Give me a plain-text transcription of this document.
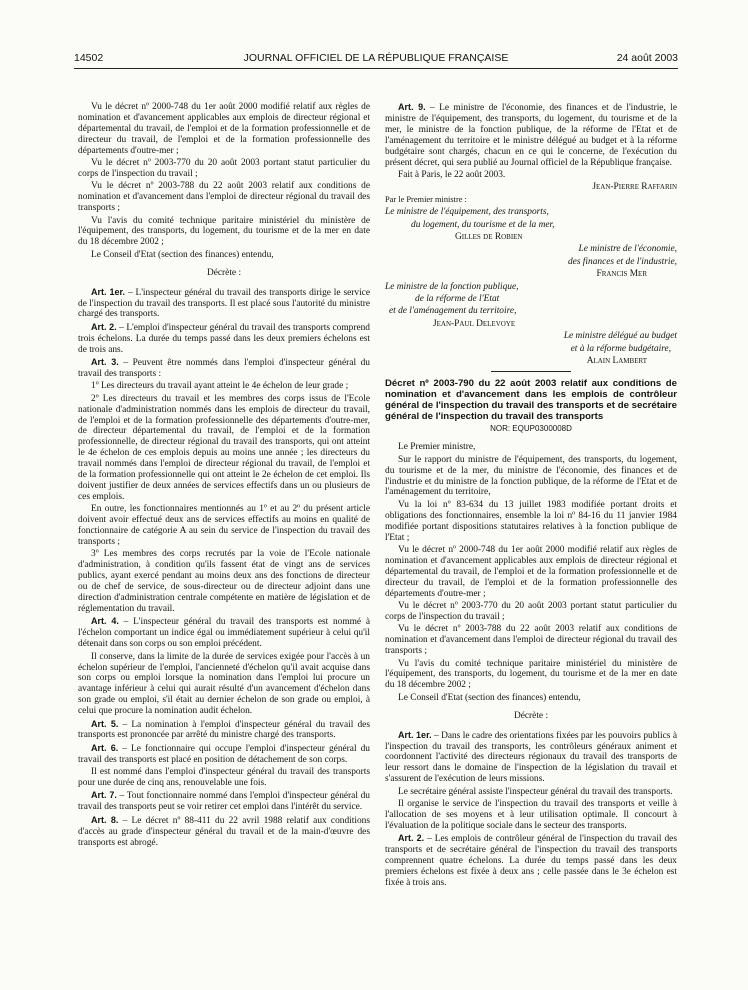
14502	JOURNAL OFFICIEL DE LA RÉPUBLIQUE FRANÇAISE	24 août 2003

Vu le décret nº 2000-748 du 1er août 2000 modifié relatif aux règles de nomination et d'avancement applicables aux emplois de directeur régional et départemental du travail, de l'emploi et de la formation professionnelle et de directeur du travail, de l'emploi et de la formation professionnelle des départements d'outre-mer ;

Vu le décret nº 2003-770 du 20 août 2003 portant statut particulier du corps de l'inspection du travail ;

Vu le décret nº 2003-788 du 22 août 2003 relatif aux conditions de nomination et d'avancement dans l'emploi de directeur régional du travail des transports ;

Vu l'avis du comité technique paritaire ministériel du ministère de l'équipement, des transports, du logement, du tourisme et de la mer en date du 18 décembre 2002 ;

Le Conseil d'Etat (section des finances) entendu,

Décrète :

Art. 1er. – L'inspecteur général du travail des transports dirige le service de l'inspection du travail des transports. Il est placé sous l'autorité du ministre chargé des transports.

Art. 2. – L'emploi d'inspecteur général du travail des transports comprend trois échelons. La durée du temps passé dans les deux premiers échelons est de trois ans.

Art. 3. – Peuvent être nommés dans l'emploi d'inspecteur général du travail des transports :

1º Les directeurs du travail ayant atteint le 4e échelon de leur grade ;

2º Les directeurs du travail et les membres des corps issus de l'Ecole nationale d'administration nommés dans les emplois de directeur du travail, de l'emploi et de la formation professionnelle des départements d'outre-mer, de directeur départemental du travail, de l'emploi et de la formation professionnelle, de directeur régional du travail des transports, qui ont atteint le 4e échelon de ces emplois depuis au moins une année ; les directeurs du travail nommés dans l'emploi de directeur régional du travail, de l'emploi et de la formation professionnelle qui ont atteint le 2e échelon de cet emploi. Ils doivent justifier de deux années de services effectifs dans un ou plusieurs de ces emplois.

En outre, les fonctionnaires mentionnés au 1º et au 2º du présent article doivent avoir effectué deux ans de services effectifs au moins en qualité de fonctionnaire de catégorie A au sein du service de l'inspection du travail des transports ;

3º Les membres des corps recrutés par la voie de l'Ecole nationale d'administration, à condition qu'ils fassent état de vingt ans de services publics, ayant exercé pendant au moins deux ans des fonctions de directeur ou de chef de service, de sous-directeur ou de directeur adjoint dans une direction d'administration centrale compétente en matière de législation et de réglementation du travail.

Art. 4. – L'inspecteur général du travail des transports est nommé à l'échelon comportant un indice égal ou immédiatement supérieur à celui qu'il détenait dans son corps ou son emploi précédent.

Il conserve, dans la limite de la durée de services exigée pour l'accès à un échelon supérieur de l'emploi, l'ancienneté d'échelon qu'il avait acquise dans son corps ou emploi lorsque la nomination dans l'emploi lui procure un avantage inférieur à celui qui aurait résulté d'un avancement d'échelon dans son grade ou emploi, s'il était au dernier échelon de son grade ou emploi, à celui que procure la nomination audit échelon.

Art. 5. – La nomination à l'emploi d'inspecteur général du travail des transports est prononcée par arrêté du ministre chargé des transports.

Art. 6. – Le fonctionnaire qui occupe l'emploi d'inspecteur général du travail des transports est placé en position de détachement de son corps.

Il est nommé dans l'emploi d'inspecteur général du travail des transports pour une durée de cinq ans, renouvelable une fois.

Art. 7. – Tout fonctionnaire nommé dans l'emploi d'inspecteur général du travail des transports peut se voir retirer cet emploi dans l'intérêt du service.

Art. 8. – Le décret nº 88-411 du 22 avril 1988 relatif aux conditions d'accès au grade d'inspecteur général du travail et de la main-d'œuvre des transports est abrogé.

Art. 9. – Le ministre de l'économie, des finances et de l'industrie, le ministre de l'équipement, des transports, du logement, du tourisme et de la mer, le ministre de la fonction publique, de la réforme de l'Etat et de l'aménagement du territoire et le ministre délégué au budget et à la réforme budgétaire sont chargés, chacun en ce qui le concerne, de l'exécution du présent décret, qui sera publié au Journal officiel de la République française.

Fait à Paris, le 22 août 2003.

Jean-Pierre Raffarin

Par le Premier ministre :

Le ministre de l'équipement, des transports,

du logement, du tourisme et de la mer,

Gilles de Robien

Le ministre de l'économie,

des finances et de l'industrie,

Francis Mer

Le ministre de la fonction publique,

de la réforme de l'Etat

et de l'aménagement du territoire,

Jean-Paul Delevoye

Le ministre délégué au budget

et à la réforme budgétaire,

Alain Lambert

Décret nº 2003-790 du 22 août 2003 relatif aux conditions de nomination et d'avancement dans les emplois de contrôleur général de l'inspection du travail des transports et de secrétaire général de l'inspection du travail des transports

NOR: EQUP0300008D

Le Premier ministre,

Sur le rapport du ministre de l'équipement, des transports, du logement, du tourisme et de la mer, du ministre de l'économie, des finances et de l'industrie et du ministre de la fonction publique, de la réforme de l'Etat et de l'aménagement du territoire,

Vu la loi nº 83-634 du 13 juillet 1983 modifiée portant droits et obligations des fonctionnaires, ensemble la loi nº 84-16 du 11 janvier 1984 modifiée portant dispositions statutaires relatives à la fonction publique de l'Etat ;

Vu le décret nº 2000-748 du 1er août 2000 modifié relatif aux règles de nomination et d'avancement applicables aux emplois de directeur régional et départemental du travail, de l'emploi et de la formation professionnelle et de directeur du travail, de l'emploi et de la formation professionnelle des départements d'outre-mer ;

Vu le décret nº 2003-770 du 20 août 2003 portant statut particulier du corps de l'inspection du travail ;

Vu le décret nº 2003-788 du 22 août 2003 relatif aux conditions de nomination et d'avancement dans l'emploi de directeur régional du travail des transports ;

Vu l'avis du comité technique paritaire ministériel du ministère de l'équipement, des transports, du logement, du tourisme et de la mer en date du 18 décembre 2002 ;

Le Conseil d'Etat (section des finances) entendu,

Décrète :

Art. 1er. – Dans le cadre des orientations fixées par les pouvoirs publics à l'inspection du travail des transports, les contrôleurs généraux animent et coordonnent l'activité des directeurs régionaux du travail des transports de leur ressort dans le domaine de l'inspection de la législation du travail et s'assurent de l'exécution de leurs missions.

Le secrétaire général assiste l'inspecteur général du travail des transports.

Il organise le service de l'inspection du travail des transports et veille à l'allocation de ses moyens et à leur utilisation optimale. Il concourt à l'évaluation de la politique sociale dans le secteur des transports.

Art. 2. – Les emplois de contrôleur général de l'inspection du travail des transports et de secrétaire général de l'inspection du travail des transports comprennent quatre échelons. La durée du temps passé dans les deux premiers échelons est fixée à deux ans ; celle passée dans le 3e échelon est fixée à trois ans.
